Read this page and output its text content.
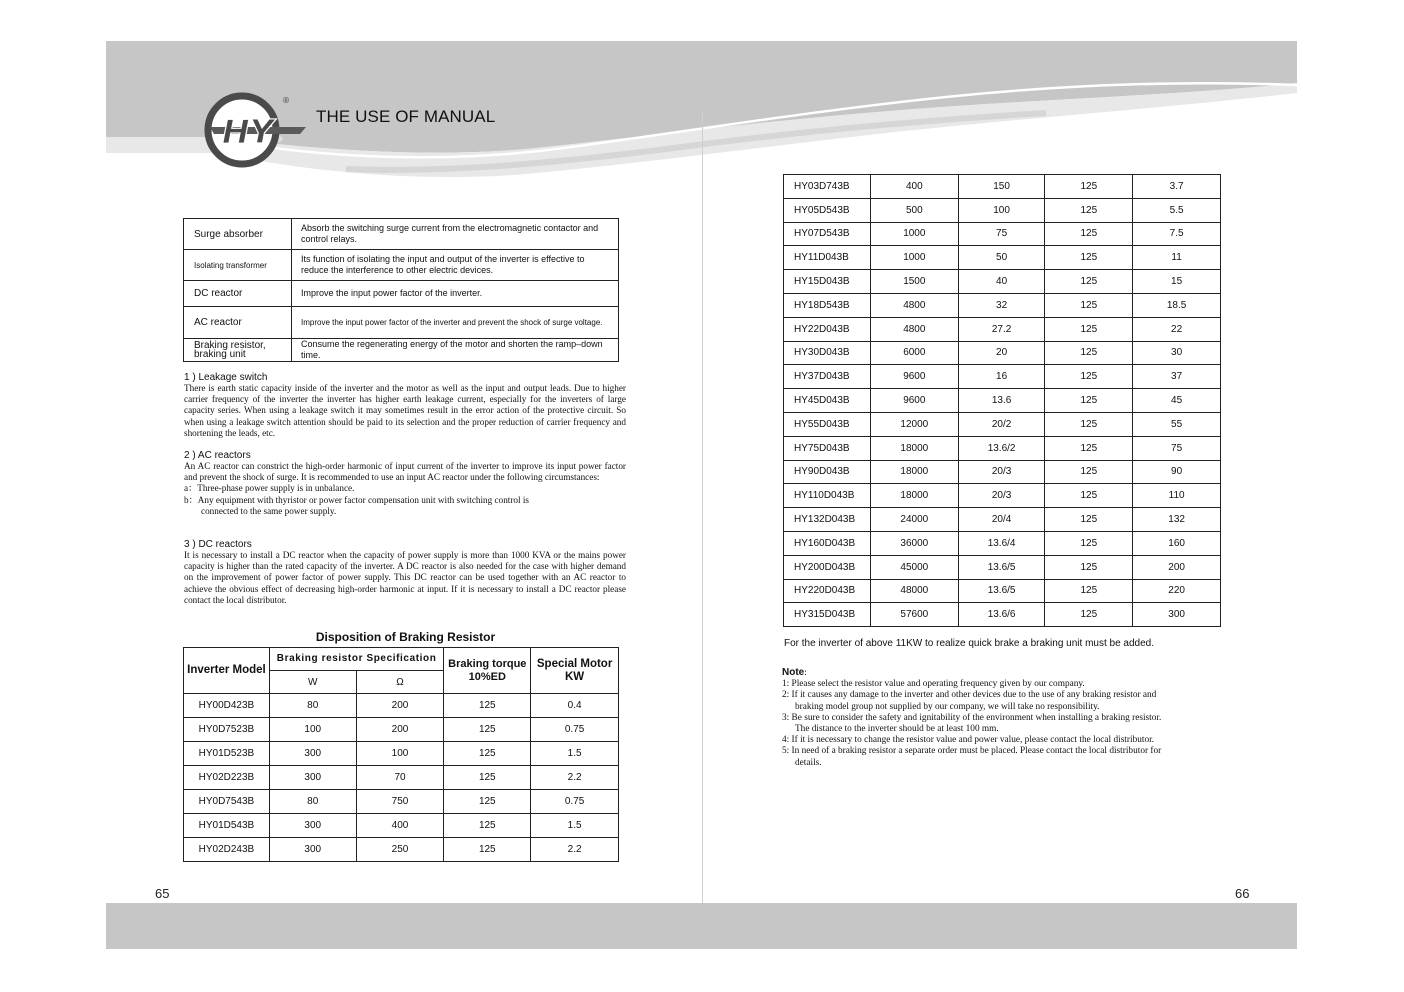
HY
®
THE USE OF MANUAL
Surge absorber	Absorb the switching surge current from the electromagnetic contactor and control relays.
Isolating transformer	Its function of isolating the input and output of the inverter is effective to reduce the interference to other electric devices.
DC reactor	Improve the input power factor of the inverter.
AC reactor	Improve the input power factor of the inverter and prevent the shock of surge voltage.
Braking resistor, braking unit	Consume the regenerating energy of the motor and shorten the ramp–down time.
1 ) Leakage switch

There is earth static capacity inside of the inverter and the motor as well as the input and output leads. Due to higher carrier frequency of the inverter the inverter has higher earth leakage current, especially for the inverters of large capacity series. When using a leakage switch it may sometimes result in the error action of the protective circuit. So when using a leakage switch attention should be paid to its selection and the proper reduction of carrier frequency and shortening the leads, etc.

2 ) AC reactors

An AC reactor can constrict the high-order harmonic of input current of the inverter to improve its input power factor and prevent the shock of surge. It is recommended to use an input AC reactor under the following circumstances:

a：Three-phase power supply is in unbalance.

b：Any equipment with thyristor or power factor compensation unit with switching control is

connected to the same power supply.

3 ) DC reactors

It is necessary to install a DC reactor when the capacity of power supply is more than 1000 KVA or the mains power capacity is higher than the rated capacity of the inverter. A DC reactor is also needed for the case with higher demand on the improvement of power factor of power supply. This DC reactor can be used together with an AC reactor to achieve the obvious effect of decreasing high-order harmonic at input. If it is necessary to install a DC reactor please contact the local distributor.

Disposition of Braking Resistor
Inverter Model	Braking resistor Specification		Braking torque 10%ED	Special Motor KW
	W	Ω		
HY00D423B	80	200	125	0.4
HY0D7523B	100	200	125	0.75
HY01D523B	300	100	125	1.5
HY02D223B	300	70	125	2.2
HY0D7543B	80	750	125	0.75
HY01D543B	300	400	125	1.5
HY02D243B	300	250	125	2.2
HY03D743B	400	150	125	3.7
HY05D543B	500	100	125	5.5
HY07D543B	1000	75	125	7.5
HY11D043B	1000	50	125	11
HY15D043B	1500	40	125	15
HY18D543B	4800	32	125	18.5
HY22D043B	4800	27.2	125	22
HY30D043B	6000	20	125	30
HY37D043B	9600	16	125	37
HY45D043B	9600	13.6	125	45
HY55D043B	12000	20/2	125	55
HY75D043B	18000	13.6/2	125	75
HY90D043B	18000	20/3	125	90
HY110D043B	18000	20/3	125	110
HY132D043B	24000	20/4	125	132
HY160D043B	36000	13.6/4	125	160
HY200D043B	45000	13.6/5	125	200
HY220D043B	48000	13.6/5	125	220
HY315D043B	57600	13.6/6	125	300
For the inverter of above 11KW to realize quick brake a braking unit must be added.
Note:

1: Please select the resistor value and operating frequency given by our company.

2: If it causes any damage to the inverter and other devices due to the use of any braking resistor and

braking model group not supplied by our company, we will take no responsibility.

3: Be sure to consider the safety and ignitability of the environment when installing a braking resistor.

The distance to the inverter should be at least 100 mm.

4: If it is necessary to change the resistor value and power value, please contact the local distributor.

5: In need of a braking resistor a separate order must be placed. Please contact the local distributor for

details.

65	66
